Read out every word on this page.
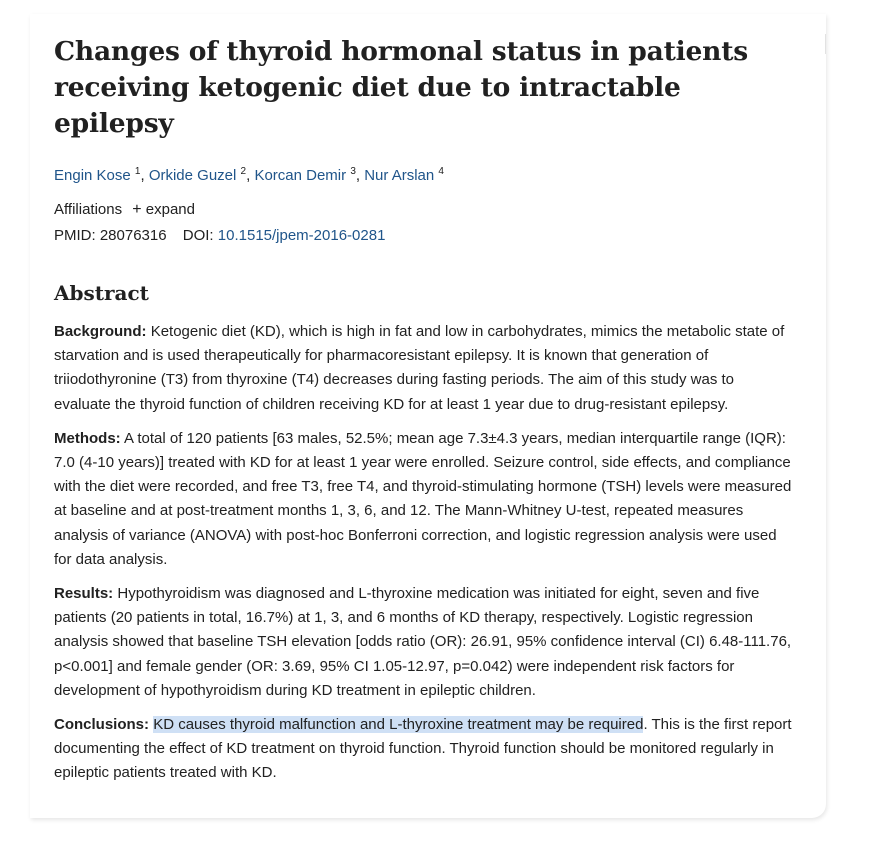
Changes of thyroid hormonal status in patients receiving ketogenic diet due to intractable epilepsy
Engin Kose $^1$, Orkide Guzel $^2$, Korcan Demir $^3$, Nur Arslan $^4$
Affiliations + expand
PMID: 28076316 DOI: 10.1515/jpem-2016-0281
Abstract

Background: Ketogenic diet (KD), which is high in fat and low in carbohydrates, mimics the metabolic state of starvation and is used therapeutically for pharmacoresistant epilepsy. It is known that generation of triiodothyronine (T3) from thyroxine (T4) decreases during fasting periods. The aim of this study was to evaluate the thyroid function of children receiving KD for at least 1 year due to drug-resistant epilepsy.

Methods: A total of 120 patients [63 males, 52.5%; mean age 7.3±4.3 years, median interquartile range (IQR): 7.0 (4-10 years)] treated with KD for at least 1 year were enrolled. Seizure control, side effects, and compliance with the diet were recorded, and free T3, free T4, and thyroid-stimulating hormone (TSH) levels were measured at baseline and at post-treatment months 1, 3, 6, and 12. The Mann-Whitney U-test, repeated measures analysis of variance (ANOVA) with post-hoc Bonferroni correction, and logistic regression analysis were used for data analysis.

Results: Hypothyroidism was diagnosed and L-thyroxine medication was initiated for eight, seven and five patients (20 patients in total, 16.7%) at 1, 3, and 6 months of KD therapy, respectively. Logistic regression analysis showed that baseline TSH elevation [odds ratio (OR): 26.91, 95% confidence interval (CI) 6.48-111.76, p<0.001] and female gender (OR: 3.69, 95% CI 1.05-12.97, p=0.042) were independent risk factors for development of hypothyroidism during KD treatment in epileptic children.

Conclusions: KD causes thyroid malfunction and L-thyroxine treatment may be required. This is the first report documenting the effect of KD treatment on thyroid function. Thyroid function should be monitored regularly in epileptic patients treated with KD.
